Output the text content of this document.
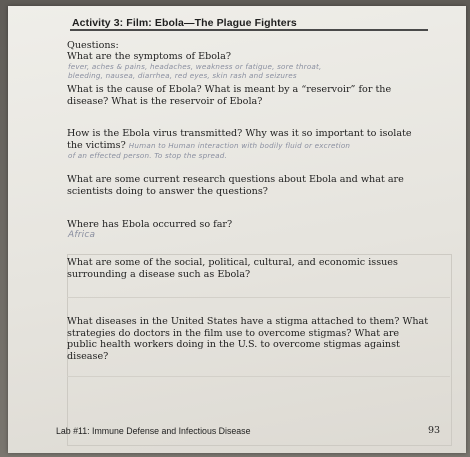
Activity 3: Film: Ebola—The Plague Fighters
Questions:
What are the symptoms of Ebola?
fever, aches & pains, headaches, weakness or fatigue, sore throat,
bleeding, nausea, diarrhea, red eyes, skin rash and seizures
What is the cause of Ebola? What is meant by a “reservoir” for the
disease? What is the reservoir of Ebola?
How is the Ebola virus transmitted? Why was it so important to isolate
the victims? Human to Human interaction with bodily fluid or excretion
of an effected person. To stop the spread.
What are some current research questions about Ebola and what are
scientists doing to answer the questions?
Where has Ebola occurred so far?
Africa
What are some of the social, political, cultural, and economic issues
surrounding a disease such as Ebola?
What diseases in the United States have a stigma attached to them? What
strategies do doctors in the film use to overcome stigmas? What are
public health workers doing in the U.S. to overcome stigmas against
disease?
Lab #11: Immune Defense and Infectious Disease	93
